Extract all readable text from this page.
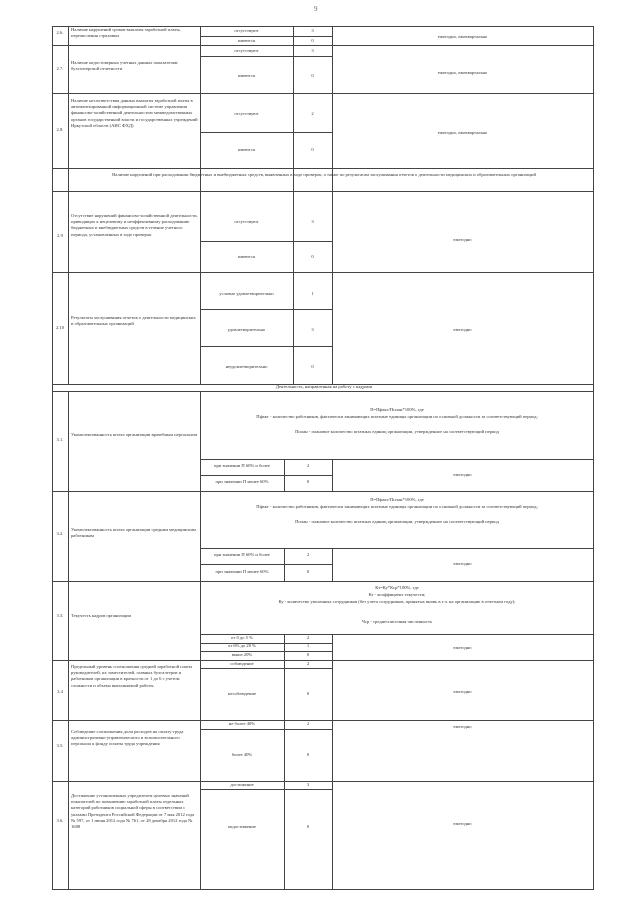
9
2.6.
Наличие нарушений сроков выплаты заработной платы, перечисления страховых
отсутствуют
имеются
3
0
ежегодно, ежеквартально
2.7.
Наличие недостоверных учетных данных показателям бухгалтерской отчетности
отсутствуют
имеются
3
0
ежегодно, ежеквартально
2.8.
Наличие несоответствия данных выплаты заработной платы в автоматизированной информационной системе управления финансово-хозяйственной деятельностью межведомственных органов государственной власти и государственных учреждений Иркутской области (АИС ФХД)
отсутствуют
имеются
2
0
ежегодно, ежеквартально
Наличие нарушений при расходовании бюджетных и внебюджетных средств, выявленных в ходе проверок, а также по результатам заслушивания отчетов о деятельности медицинских и образовательных организаций
2.9
Отсутствие нарушений финансово-хозяйственной деятельности, приводящих к нецелевому и неэффективному расходованию бюджетных и внебюджетных средств в течение учетного периода, установленных в ходе проверок
отсутствуют
имеются
3
0
ежегодно
2.10
Результаты заслушивания отчетов о деятельности медицинских и образовательных организаций
условно удовлетворительно
удовлетворительно
неудовлетворительно
1
3
0
ежегодно
Деятельность, направленная на работу с кадрами
3.1.
Укомплектованность штата организации врачебным персоналом
П=Пфакт/Пплан*100%, где
Пфакт - количество работников, фактически занимающих штатные единицы организации по основной должности за соответствующий период;
Пплан - плановое количество штатных единиц организации, утвержденное на соответствующий период
при значении П 60% и более
при значении П менее 60%
2
0
ежегодно
3.2.
Укомплектованность штата организации средним медицинским работникам
П=Пфакт/Пплан*100%, где
Пфакт - количество работников, фактически занимающих штатные единицы организации по основной должности за соответствующий период;
Пплан - плановое количество штатных единиц организации, утвержденное на соответствующий период
при значении П 60% и более
при значении П менее 60%
2
0
ежегодно
3.3.	Текучесть кадров организации
Кт=Ку*Кср*100%, где
Кт - коэффициент текучести;
Ку - количество уволенных сотрудников (без учета сотрудников, принятых вновь в т.ч. на организацию в отчетном году);
Чср - среднесписочная численность
от 0 до 5 %
от 6% до 20 %
выше 20%
2
1
0
ежегодно
3.4
Предельный уровень соотношения средней заработной платы руководителей, их заместителей, главных бухгалтеров и работников организации в кратности от 1 до 6 с учетом сложности и объема выполняемой работы
соблюдение
несоблюдение
2
0	ежегодно
3.5.
Соблюдение соотношения доли расходов на оплату труда административно-управленческого и вспомогательного персонала к фонду оплаты труда учреждения
не более 40%
более 40%
2
0
ежегодно
3.6.
Достижение установленных учредителем целевых значений показателей по повышению заработной платы отдельных категорий работников социальной сферы в соответствии с указами Президента Российской Федерации от 7 мая 2012 года № 597, от 1 июня 2012 года № 761, от 28 декабря 2012 года № 1688
достижение
недостижение
3
0
ежегодно
